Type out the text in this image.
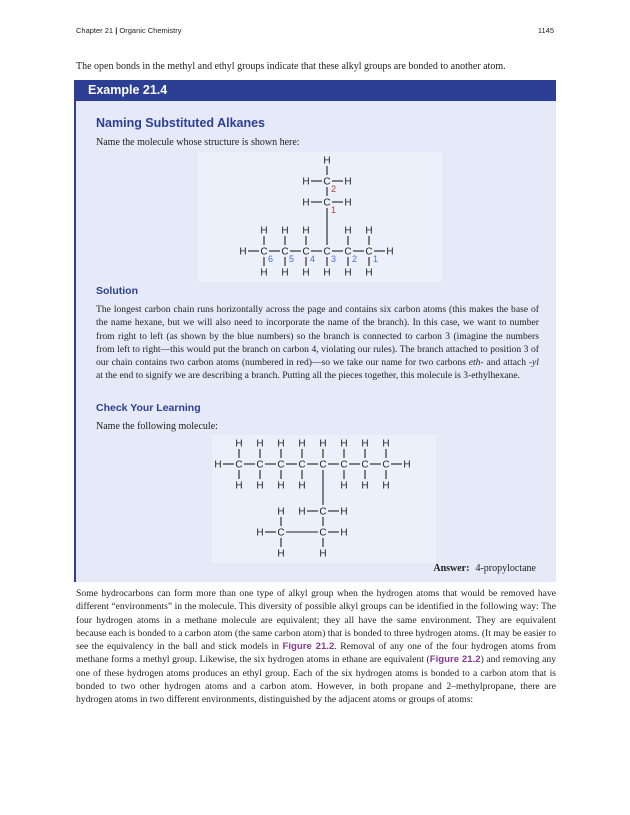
Chapter 21 | Organic Chemistry	1145

The open bonds in the methyl and ethyl groups indicate that these alkyl groups are bonded to another atom.

Example 21.4
Naming Substituted Alkanes
Name the molecule whose structure is shown here:
H	H
C
H
H
C
H
H
C
H
H
C
H
C
H
H
C
H
H
6 5 4 3 2 1
C
H	H
1
C
H	H
2
H
Solution

The longest carbon chain runs horizontally across the page and contains six carbon atoms (this makes the base of the name hexane, but we will also need to incorporate the name of the branch). In this case, we want to number from right to left (as shown by the blue numbers) so the branch is connected to carbon 3 (imagine the numbers from left to right—this would put the branch on carbon 4, violating our rules). The branch attached to position 3 of our chain contains two carbon atoms (numbered in red)—so we take our name for two carbons eth- and attach -yl at the end to signify we are describing a branch. Putting all the pieces together, this molecule is 3-ethylhexane.

Check Your Learning
Name the following molecule:
H	H
C
H
H
C
H
H
C
H
H
C
H
H
C
H
C
H
H
C
H
H
C
H
H
C
H	H
C H
H
C
H
H
H
Answer: 4-propyloctane

Some hydrocarbons can form more than one type of alkyl group when the hydrogen atoms that would be removed have different “environments” in the molecule. This diversity of possible alkyl groups can be identified in the following way: The four hydrogen atoms in a methane molecule are equivalent; they all have the same environment. They are equivalent because each is bonded to a carbon atom (the same carbon atom) that is bonded to three hydrogen atoms. (It may be easier to see the equivalency in the ball and stick models in Figure 21.2. Removal of any one of the four hydrogen atoms from methane forms a methyl group. Likewise, the six hydrogen atoms in ethane are equivalent (Figure 21.2) and removing any one of these hydrogen atoms produces an ethyl group. Each of the six hydrogen atoms is bonded to a carbon atom that is bonded to two other hydrogen atoms and a carbon atom. However, in both propane and 2–methylpropane, there are hydrogen atoms in two different environments, distinguished by the adjacent atoms or groups of atoms:
